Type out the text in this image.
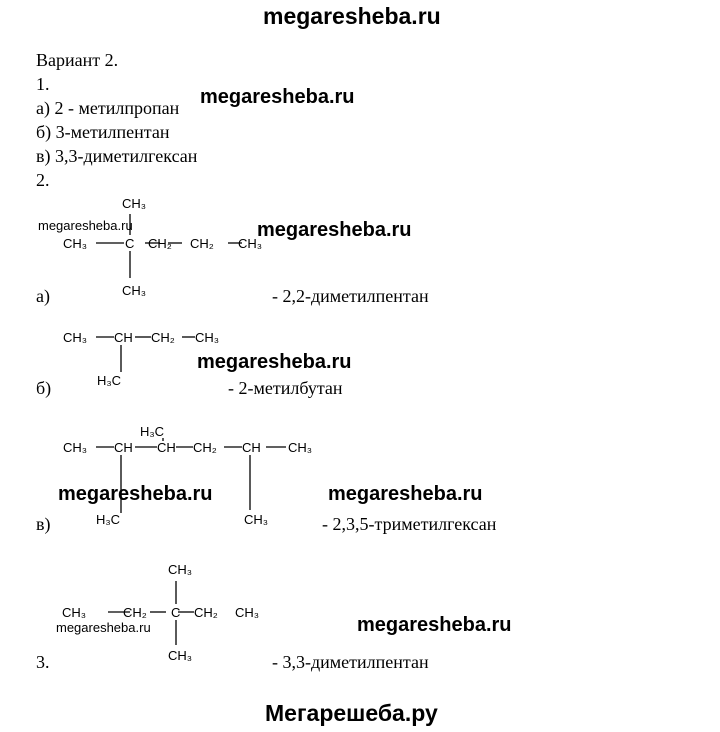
megaresheba.ru
Мегарешеба.ру
Вариант 2.
1.
а) 2 - метилпропан
б) 3-метилпентан
в) 3,3-диметилгексан
2.
megaresheba.ru
megaresheba.ru	megaresheba.ru
megaresheba.ru
megaresheba.ru	megaresheba.ru
megaresheba.ru	megaresheba.ru
CH₃
CH₃	C CH₂ CH₂ CH₃
CH₃
а)	- 2,2-диметилпентан
CH₃ CH CH₂ CH₃
H₃C
б)	- 2-метилбутан
H₃C
CH₃ CH CH CH₂ CH CH₃
H₃C	CH₃
в)	- 2,3,5-триметилгексан
CH₃
CH₃	CH₂ C CH₂ CH₃
CH₃
3.	- 3,3-диметилпентан
